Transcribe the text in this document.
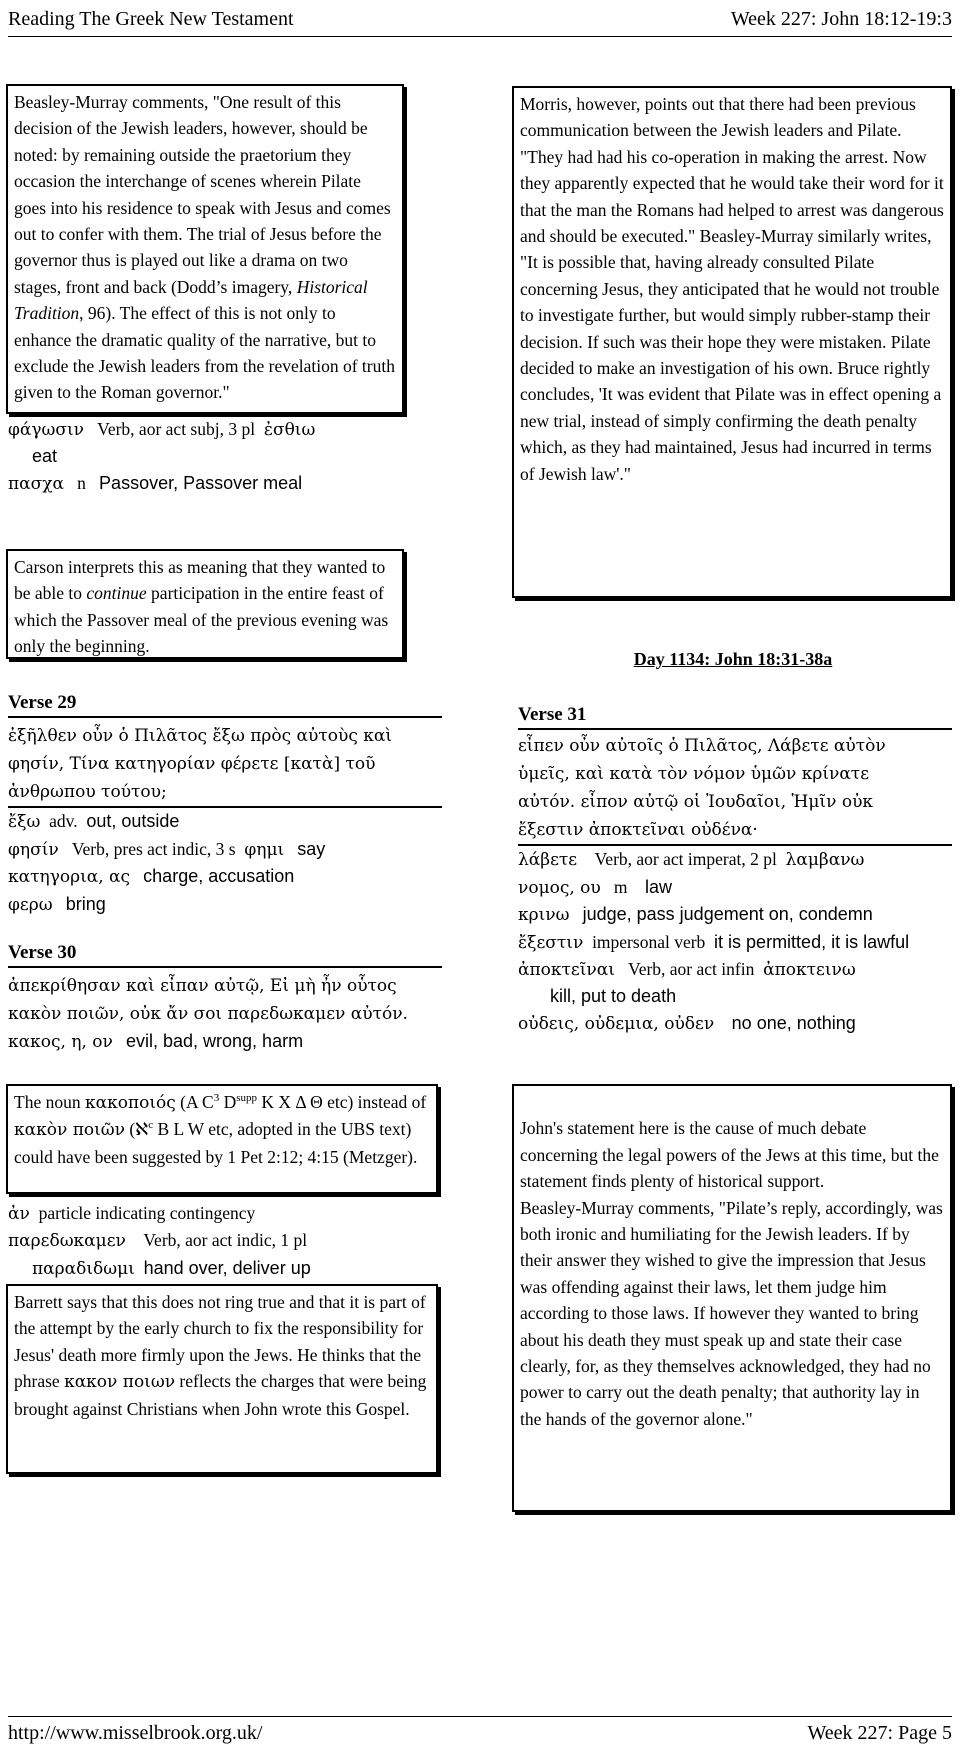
Reading The Greek New Testament	Week 227: John 18:12-19:3
Beasley-Murray comments, "One result of this decision of the Jewish leaders, however, should be noted: by remaining outside the praetorium they occasion the interchange of scenes wherein Pilate goes into his residence to speak with Jesus and comes out to confer with them. The trial of Jesus before the governor thus is played out like a drama on two stages, front and back (Dodd’s imagery, Historical Tradition, 96). The effect of this is not only to enhance the dramatic quality of the narrative, but to exclude the Jewish leaders from the revelation of truth given to the Roman governor."
φάγωσιν Verb, aor act subj, 3 pl ἐσθιω
eat
πασχα n Passover, Passover meal
Carson interprets this as meaning that they wanted to be able to continue participation in the entire feast of which the Passover meal of the previous evening was only the beginning.
Verse 29
ἐξῆλθεν οὖν ὁ Πιλᾶτος ἔξω πρὸς αὐτοὺς καὶ φησίν, Τίνα κατηγορίαν φέρετε [κατὰ] τοῦ ἀνθρωπου τούτου;
ἔξω adv. out, outside
φησίν Verb, pres act indic, 3 s φημι say
κατηγορια, ας charge, accusation
φερω bring
Verse 30
ἀπεκρίθησαν καὶ εἶπαν αὐτῷ, Εἰ μὴ ἦν οὗτος κακὸν ποιῶν, οὐκ ἄν σοι παρεδωκαμεν αὐτόν.
κακος, η, ον evil, bad, wrong, harm
The noun κακοποιός (A $C^3$ $D^{supp}$ K X Δ Θ etc) instead of κακὸν ποιῶν (ℵ$^c$ B L W etc, adopted in the UBS text) could have been suggested by 1 Pet 2:12; 4:15 (Metzger).
ἀν particle indicating contingency
παρεδωκαμεν Verb, aor act indic, 1 pl
παραδιδωμι hand over, deliver up
Barrett says that this does not ring true and that it is part of the attempt by the early church to fix the responsibility for Jesus' death more firmly upon the Jews. He thinks that the phrase κακον ποιων reflects the charges that were being brought against Christians when John wrote this Gospel.
Morris, however, points out that there had been previous communication between the Jewish leaders and Pilate. "They had had his co-operation in making the arrest. Now they apparently expected that he would take their word for it that the man the Romans had helped to arrest was dangerous and should be executed." Beasley-Murray similarly writes, "It is possible that, having already consulted Pilate concerning Jesus, they anticipated that he would not trouble to investigate further, but would simply rubber-stamp their decision. If such was their hope they were mistaken. Pilate decided to make an investigation of his own. Bruce rightly concludes, 'It was evident that Pilate was in effect opening a new trial, instead of simply confirming the death penalty which, as they had maintained, Jesus had incurred in terms of Jewish law'."
Day 1134: John 18:31-38a
Verse 31
εἶπεν οὖν αὐτοῖς ὁ Πιλᾶτος, Λάβετε αὐτὸν ὑμεῖς, καὶ κατὰ τὸν νόμον ὑμῶν κρίνατε αὐτόν. εἶπον αὐτῷ οἱ Ἰουδαῖοι, Ἡμῖν οὐκ ἔξεστιν ἀποκτεῖναι οὐδένα·
λάβετε Verb, aor act imperat, 2 pl λαμβανω
νομος, ου m law
κρινω judge, pass judgement on, condemn
ἔξεστιν impersonal verb it is permitted, it is lawful
ἀποκτεῖναι Verb, aor act infin ἀποκτεινω
kill, put to death
οὐδεις, οὐδεμια, οὐδεν no one, nothing

John's statement here is the cause of much debate concerning the legal powers of the Jews at this time, but the statement finds plenty of historical support.
Beasley-Murray comments, "Pilate’s reply, accordingly, was both ironic and humiliating for the Jewish leaders. If by their answer they wished to give the impression that Jesus was offending against their laws, let them judge him according to those laws. If however they wanted to bring about his death they must speak up and state their case clearly, for, as they themselves acknowledged, they had no power to carry out the death penalty; that authority lay in the hands of the governor alone."

http://www.misselbrook.org.uk/	Week 227: Page 5
